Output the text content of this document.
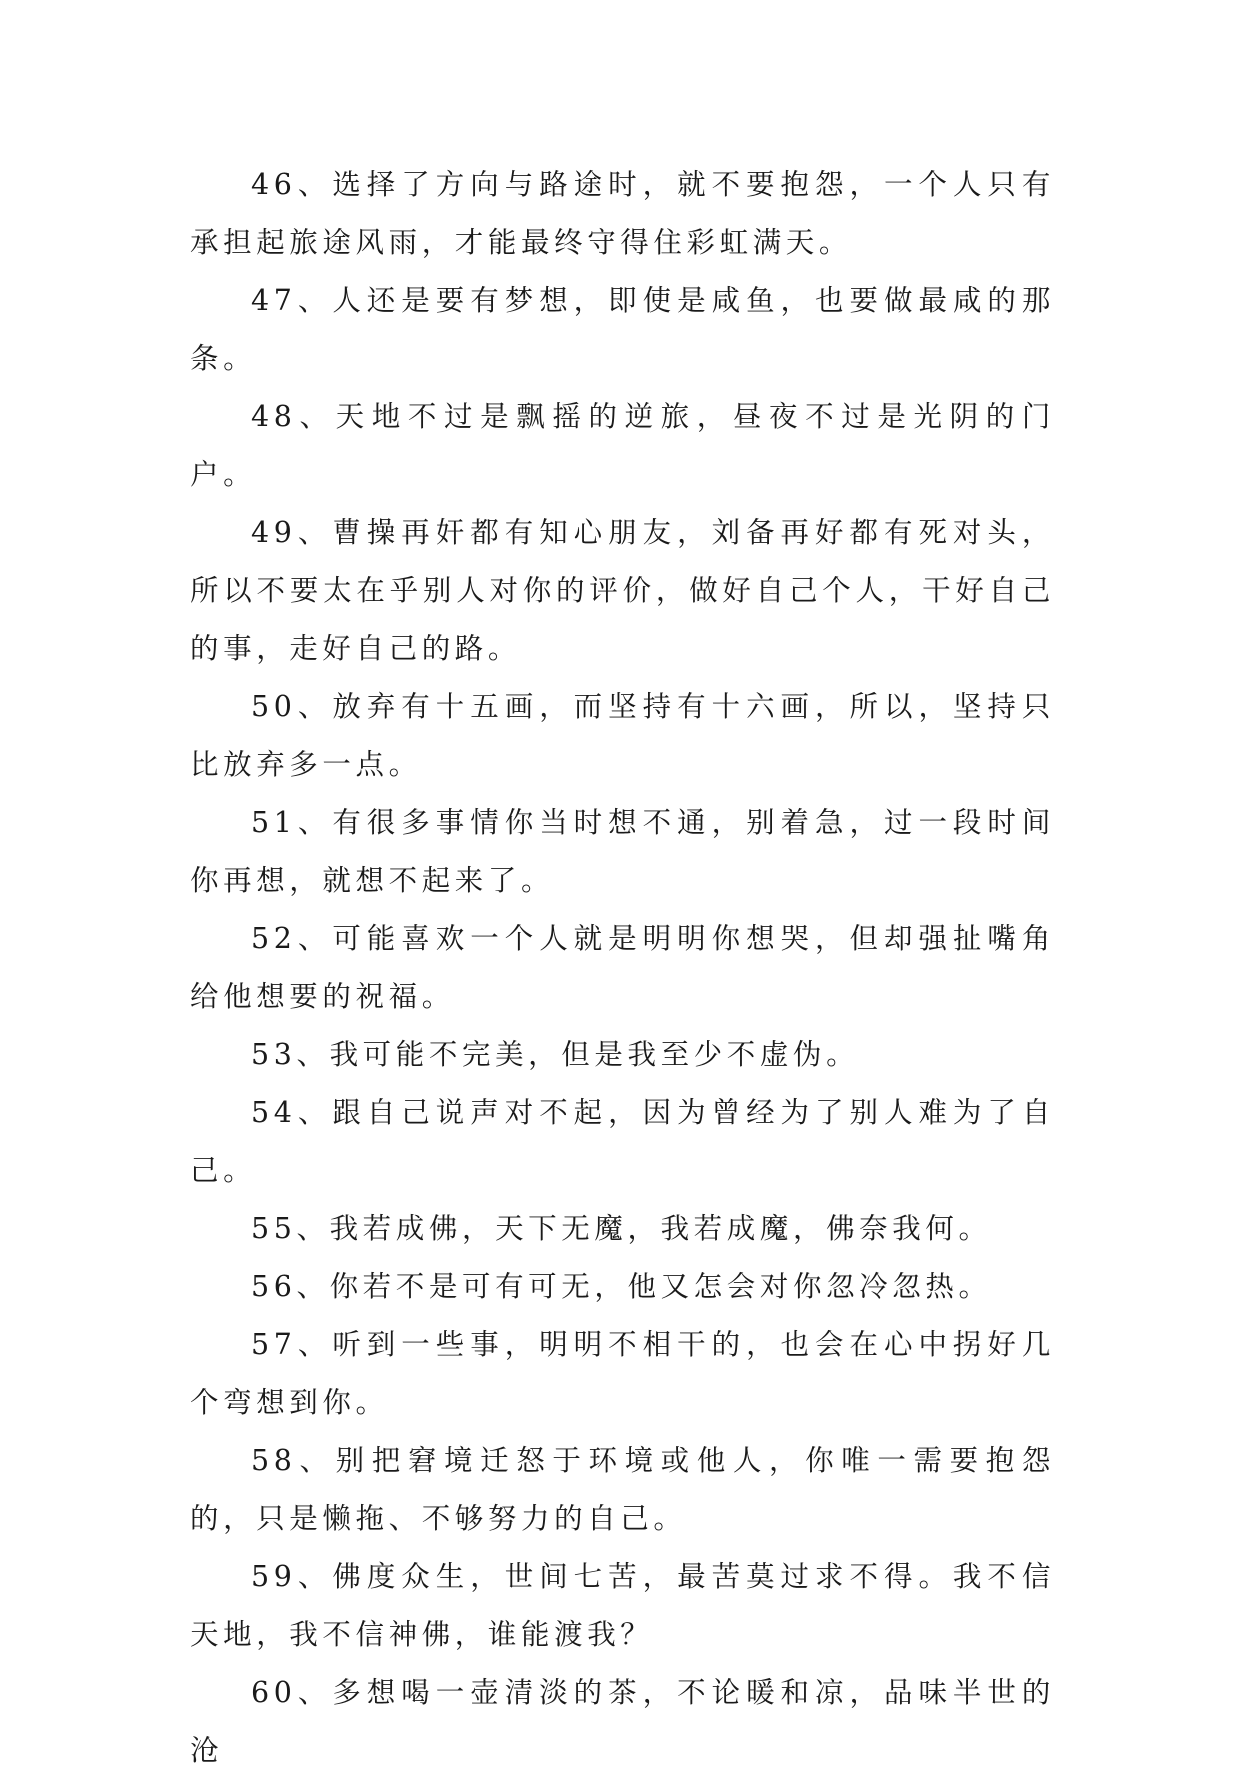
46、选择了方向与路途时，就不要抱怨，一个人只有承担起旅途风雨，才能最终守得住彩虹满天。

47、人还是要有梦想，即使是咸鱼，也要做最咸的那条。

48、天地不过是飘摇的逆旅，昼夜不过是光阴的门户。

49、曹操再奸都有知心朋友，刘备再好都有死对头，所以不要太在乎别人对你的评价，做好自己个人，干好自己的事，走好自己的路。

50、放弃有十五画，而坚持有十六画，所以，坚持只比放弃多一点。

51、有很多事情你当时想不通，别着急，过一段时间你再想，就想不起来了。

52、可能喜欢一个人就是明明你想哭，但却强扯嘴角给他想要的祝福。

53、我可能不完美，但是我至少不虚伪。

54、跟自己说声对不起，因为曾经为了别人难为了自己。

55、我若成佛，天下无魔，我若成魔，佛奈我何。

56、你若不是可有可无，他又怎会对你忽冷忽热。

57、听到一些事，明明不相干的，也会在心中拐好几个弯想到你。

58、别把窘境迁怒于环境或他人，你唯一需要抱怨的，只是懒拖、不够努力的自己。

59、佛度众生，世间七苦，最苦莫过求不得。我不信天地，我不信神佛，谁能渡我？

60、多想喝一壶清淡的茶，不论暖和凉，品味半世的沧
